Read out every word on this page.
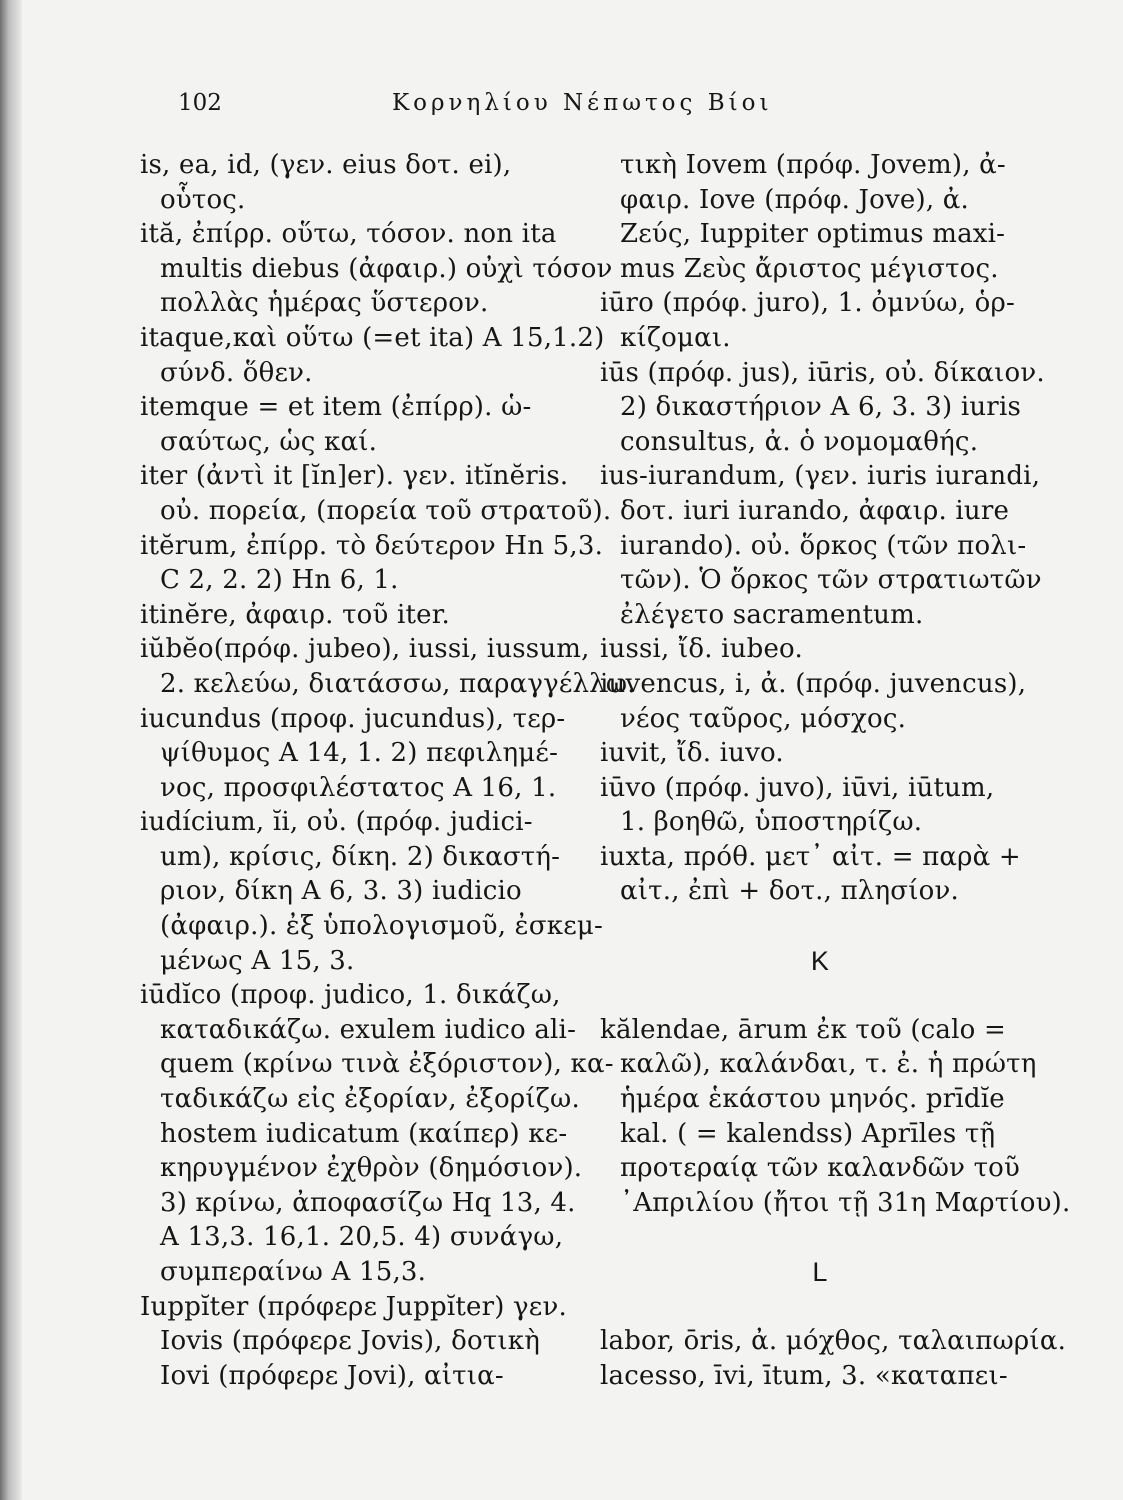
102	Κορνηλίου Νέπωτος Βίοι
is, ea, id, (γεν. eius δοτ. ei),
οὗτος.
ită, ἐπίρρ. οὕτω, τόσον. non ita
multis diebus (ἀφαιρ.) οὐχὶ τόσον
πολλὰς ἡμέρας ὕστερον.
itaque,καὶ οὕτω (=et ita) Α 15,1.2)
σύνδ. ὅθεν.
itemque = et item (ἐπίρρ). ὡ-
σαύτως, ὡς καί.
iter (ἀντὶ it [ĭn]er). γεν. itĭnĕris.
οὐ. πορεία, (πορεία τοῦ στρατοῦ).
itĕrum, ἐπίρρ. τὸ δεύτερον Hn 5,3.
C 2, 2. 2) Hn 6, 1.
itinĕre, ἀφαιρ. τοῦ iter.
iŭbĕo(πρόφ. jubeo), iussi, iussum,
2. κελεύω, διατάσσω, παραγγέλλω.
iucundus (προφ. jucundus), τερ-
ψίθυμος Α 14, 1. 2) πεφιλημέ-
νος, προσφιλέστατος Α 16, 1.
iudícium, ĭi, οὐ. (πρόφ. judici-
um), κρίσις, δίκη. 2) δικαστή-
ριον, δίκη Α 6, 3. 3) iudicio
(ἀφαιρ.). ἐξ ὑπολογισμοῦ, ἐσκεμ-
μένως Α 15, 3.
iūdĭco (προφ. judico, 1. δικάζω,
καταδικάζω. exulem iudico ali-
quem (κρίνω τινὰ ἐξόριστον), κα-
ταδικάζω εἰς ἐξορίαν, ἐξορίζω.
hostem iudicatum (καίπερ) κε-
κηρυγμένον ἐχθρὸν (δημόσιον).
3) κρίνω, ἀποφασίζω Hq 13, 4.
Α 13,3. 16,1. 20,5. 4) συνάγω,
συμπεραίνω Α 15,3.
Iuppĭter (πρόφερε Juppĭter) γεν.
Iovis (πρόφερε Jovis), δοτικὴ
Iovi (πρόφερε Jovi), αἰτια-
τικὴ Iovem (πρόφ. Jovem), ἀ-
φαιρ. Iove (πρόφ. Jove), ἀ.
Ζεύς, Iuppiter optimus maxi-
mus Ζεὺς ἄριστος μέγιστος.
iūro (πρόφ. juro), 1. ὀμνύω, ὁρ-
κίζομαι.
iūs (πρόφ. jus), iūris, οὐ. δίκαιον.
2) δικαστήριον Α 6, 3. 3) iuris
consultus, ἀ. ὁ νομομαθής.
ius-iurandum, (γεν. iuris iurandi,
δοτ. iuri iurando, ἀφαιρ. iure
iurando). οὐ. ὅρκος (τῶν πολι-
τῶν). Ὁ ὅρκος τῶν στρατιωτῶν
ἐλέγετο sacramentum.
iussi, ἴδ. iubeo.
iuvencus, i, ἀ. (πρόφ. juvencus),
νέος ταῦρος, μόσχος.
iuvit, ἴδ. iuvo.
iūvo (πρόφ. juvo), iūvi, iūtum,
1. βοηθῶ, ὑποστηρίζω.
iuxta, πρόθ. μετ᾽ αἰτ. = παρὰ +
αἰτ., ἐπὶ + δοτ., πλησίον.
K
kălendae, ārum ἐκ τοῦ (calo =
καλῶ), καλάνδαι, τ. ἐ. ἡ πρώτη
ἡμέρα ἑκάστου μηνός. prīdĭe
kal. ( = kalendss) Aprīles τῇ
προτεραίᾳ τῶν καλανδῶν τοῦ
᾽Απριλίου (ἤτοι τῇ 31η Μαρτίου).
L
labor, ōris, ἀ. μόχθος, ταλαιπωρία.
lacesso, īvi, ītum, 3. «καταπει-
